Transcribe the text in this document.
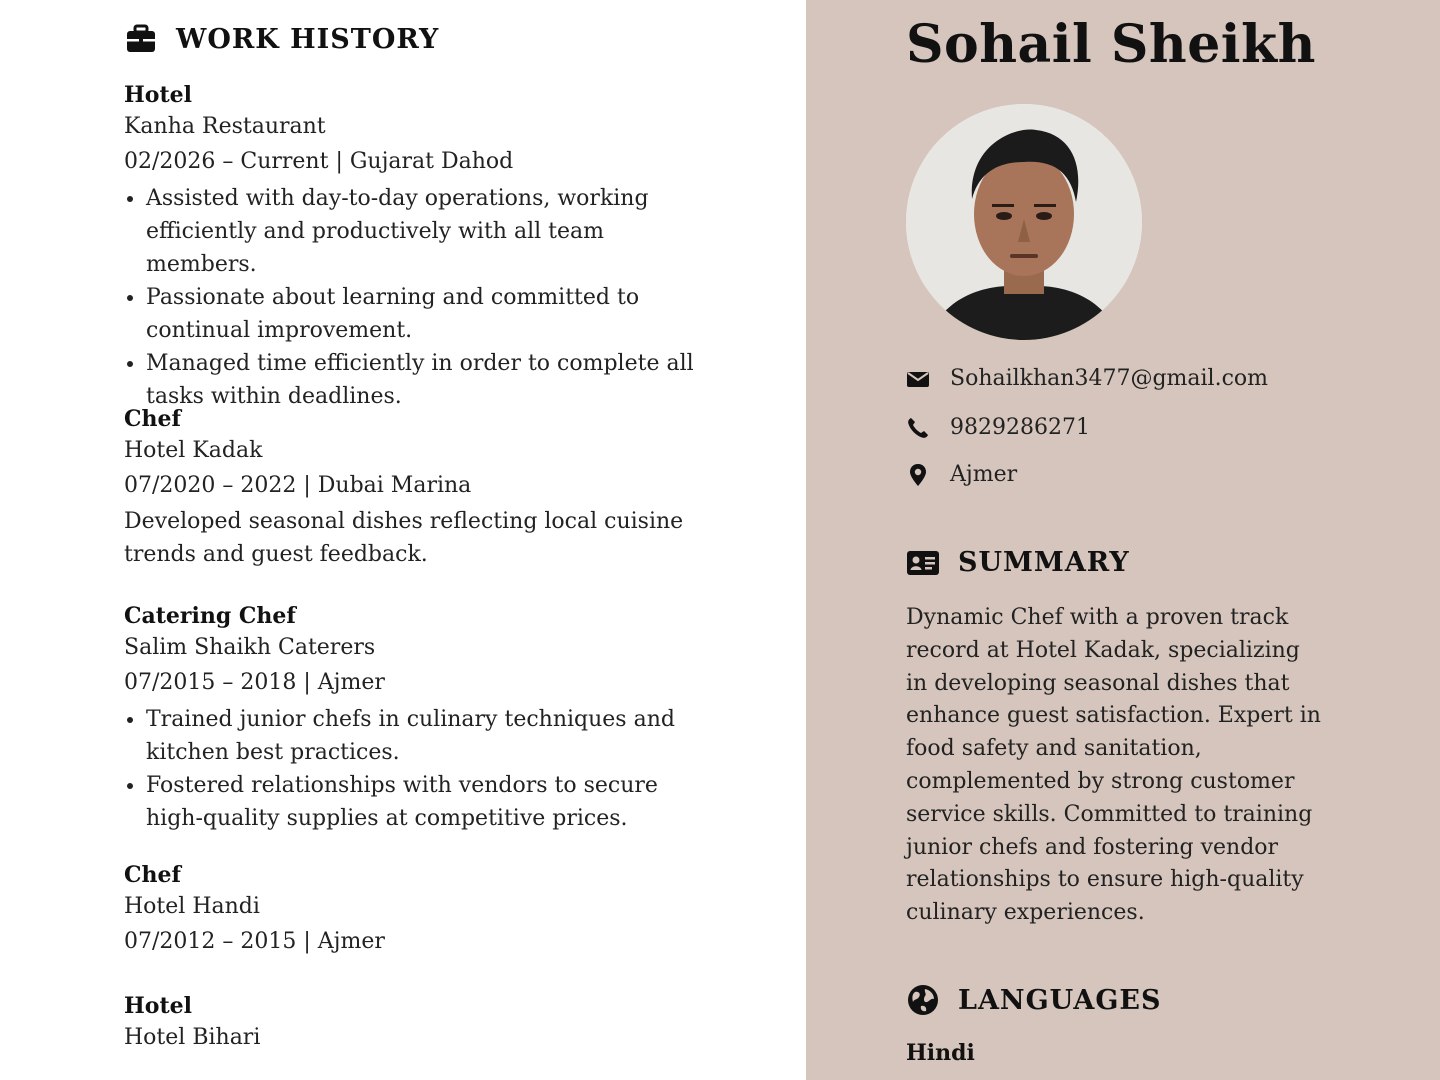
WORK HISTORY
Hotel
Kanha Restaurant
02/2026 – Current | Gujarat Dahod
• Assisted with day-to-day operations, working efficiently and productively with all team members.
• Passionate about learning and committed to continual improvement.
• Managed time efficiently in order to complete all tasks within deadlines.
Chef
Hotel Kadak
07/2020 – 2022 | Dubai Marina
Developed seasonal dishes reflecting local cuisine trends and guest feedback.
Catering Chef
Salim Shaikh Caterers
07/2015 – 2018 | Ajmer
• Trained junior chefs in culinary techniques and kitchen best practices.
• Fostered relationships with vendors to secure high-quality supplies at competitive prices.
Chef
Hotel Handi
07/2012 – 2015 | Ajmer
Hotel
Hotel Bihari
Sohail Sheikh
Sohailkhan3477@gmail.com
9829286271
Ajmer
SUMMARY
Dynamic Chef with a proven track record at Hotel Kadak, specializing in developing seasonal dishes that enhance guest satisfaction. Expert in food safety and sanitation, complemented by strong customer service skills. Committed to training junior chefs and fostering vendor relationships to ensure high-quality culinary experiences.
LANGUAGES
Hindi
